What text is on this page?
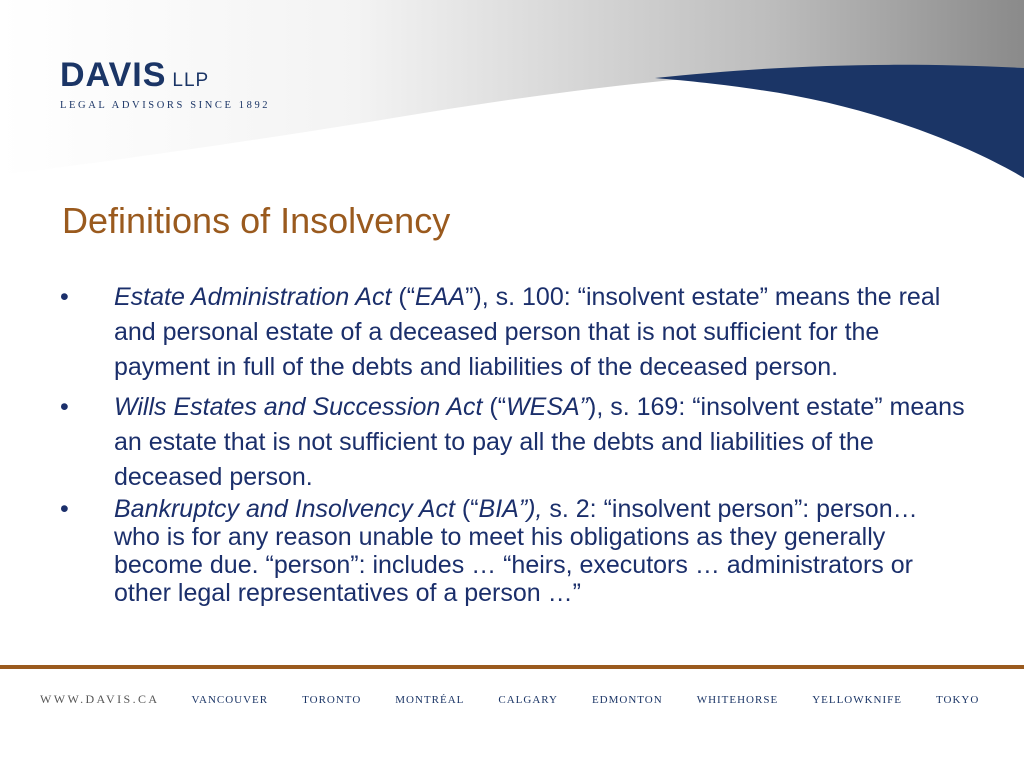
DAVIS LLP
LEGAL ADVISORS SINCE 1892
Definitions of Insolvency
• Estate Administration Act (“EAA”), s. 100: “insolvent estate” means the real and personal estate of a deceased person that is not sufficient for the payment in full of the debts and liabilities of the deceased person.
• Wills Estates and Succession Act (“WESA”), s. 169: “insolvent estate” means an estate that is not sufficient to pay all the debts and liabilities of the deceased person.
• Bankruptcy and Insolvency Act (“BIA”), s. 2: “insolvent person”: person… who is for any reason unable to meet his obligations as they generally become due. “person”: includes … “heirs, executors … administrators or other legal representatives of a person …”
WWW.DAVIS.CA	VANCOUVER	TORONTO	MONTRÉAL	CALGARY	EDMONTON	WHITEHORSE	YELLOWKNIFE	TOKYO
